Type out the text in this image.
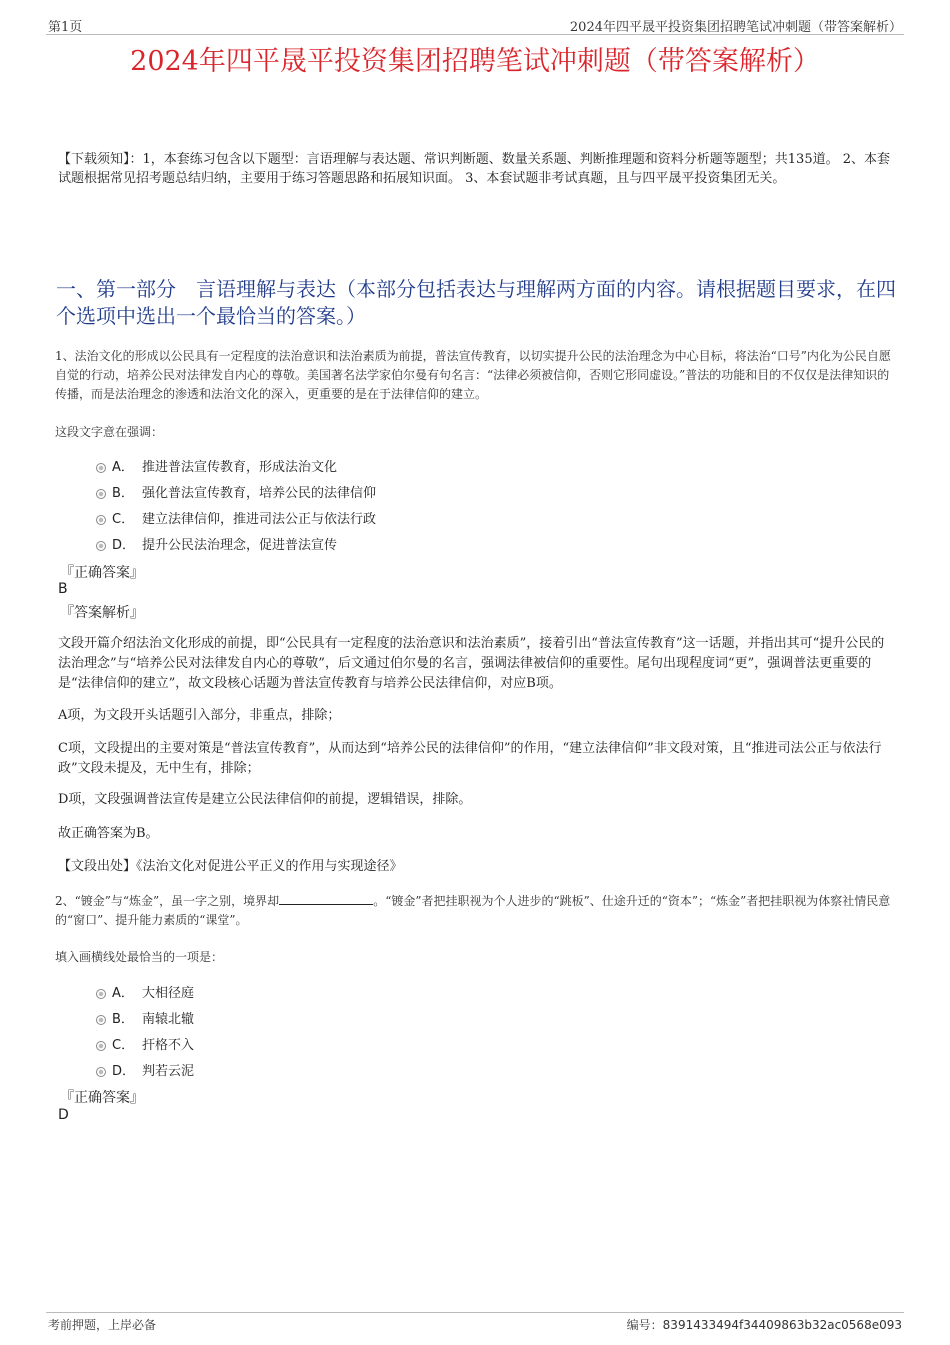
第1页	2024年四平晟平投资集团招聘笔试冲刺题（带答案解析）
2024年四平晟平投资集团招聘笔试冲刺题（带答案解析）
【下载须知】：1，本套练习包含以下题型：言语理解与表达题、常识判断题、数量关系题、判断推理题和资料分析题等题型；共135道。 2、本套试题根据常见招考题总结归纳，主要用于练习答题思路和拓展知识面。 3、本套试题非考试真题，且与四平晟平投资集团无关。
一、第一部分　言语理解与表达（本部分包括表达与理解两方面的内容。请根据题目要求，在四个选项中选出一个最恰当的答案。）
1、法治文化的形成以公民具有一定程度的法治意识和法治素质为前提，普法宣传教育，以切实提升公民的法治理念为中心目标，将法治“口号”内化为公民自愿自觉的行动，培养公民对法律发自内心的尊敬。美国著名法学家伯尔曼有句名言：“法律必须被信仰，否则它形同虚设。”普法的功能和目的不仅仅是法律知识的传播，而是法治理念的渗透和法治文化的深入，更重要的是在于法律信仰的建立。
这段文字意在强调：
A． 推进普法宣传教育，形成法治文化
B． 强化普法宣传教育，培养公民的法律信仰
C． 建立法律信仰，推进司法公正与依法行政
D． 提升公民法治理念，促进普法宣传
『正确答案』
B
『答案解析』
文段开篇介绍法治文化形成的前提，即“公民具有一定程度的法治意识和法治素质”，接着引出“普法宣传教育”这一话题，并指出其可“提升公民的法治理念”与“培养公民对法律发自内心的尊敬”，后文通过伯尔曼的名言，强调法律被信仰的重要性。尾句出现程度词“更”，强调普法更重要的是“法律信仰的建立”，故文段核心话题为普法宣传教育与培养公民法律信仰，对应B项。
A项，为文段开头话题引入部分，非重点，排除；
C项，文段提出的主要对策是“普法宣传教育”，从而达到“培养公民的法律信仰”的作用，“建立法律信仰”非文段对策，且“推进司法公正与依法行政”文段未提及，无中生有，排除；
D项，文段强调普法宣传是建立公民法律信仰的前提，逻辑错误，排除。
故正确答案为B。
【文段出处】《法治文化对促进公平正义的作用与实现途径》
2、“镀金”与“炼金”，虽一字之别，境界却	。“镀金”者把挂职视为个人进步的“跳板”、仕途升迁的“资本”；“炼金”者把挂职视为体察社情民意的“窗口”、提升能力素质的“课堂”。
填入画横线处最恰当的一项是：
A． 大相径庭
B． 南辕北辙
C． 扞格不入
D． 判若云泥
『正确答案』
D
考前押题，上岸必备	编号：8391433494f34409863b32ac0568e093
